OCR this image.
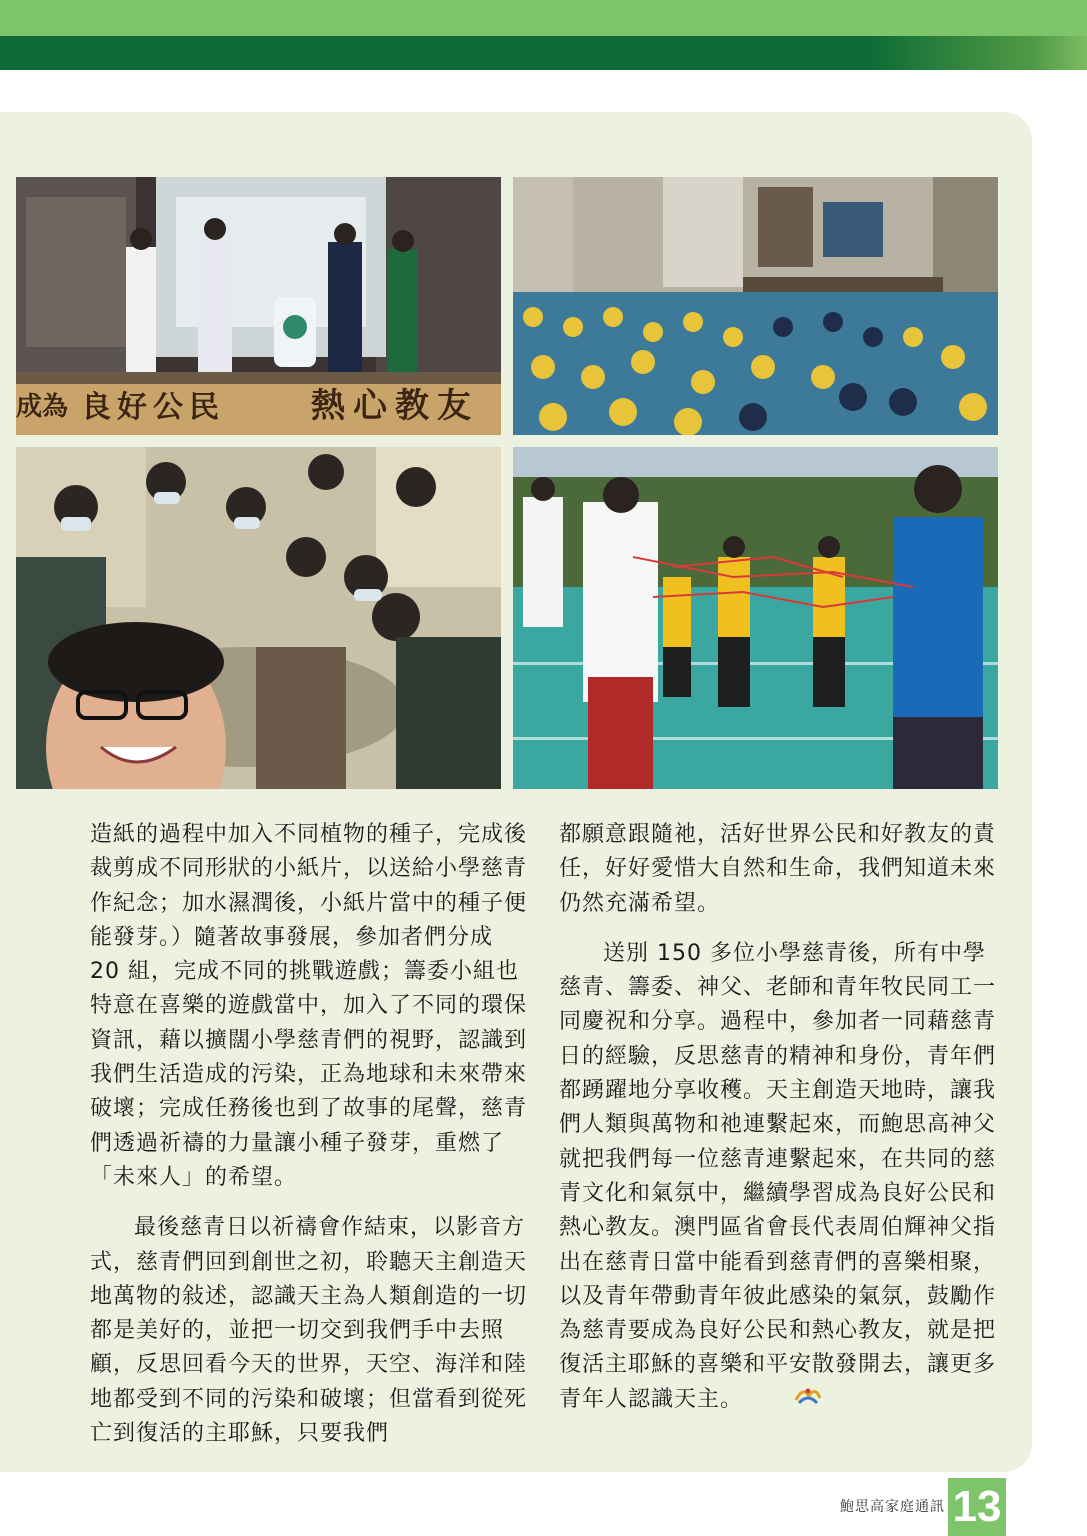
成為 良好公民	熱心教友

造紙的過程中加入不同植物的種子，完成後裁剪成不同形狀的小紙片，以送給小學慈青作紀念；加水濕潤後，小紙片當中的種子便能發芽。）隨著故事發展，參加者們分成 20 組，完成不同的挑戰遊戲；籌委小組也特意在喜樂的遊戲當中，加入了不同的環保資訊，藉以擴闊小學慈青們的視野，認識到我們生活造成的污染，正為地球和未來帶來破壞；完成任務後也到了故事的尾聲，慈青們透過祈禱的力量讓小種子發芽，重燃了「未來人」的希望。

最後慈青日以祈禱會作結束，以影音方式，慈青們回到創世之初，聆聽天主創造天地萬物的敍述，認識天主為人類創造的一切都是美好的，並把一切交到我們手中去照顧，反思回看今天的世界，天空、海洋和陸地都受到不同的污染和破壞；但當看到從死亡到復活的主耶穌，只要我們

都願意跟隨祂，活好世界公民和好教友的責任，好好愛惜大自然和生命，我們知道未來仍然充滿希望。

送別 150 多位小學慈青後，所有中學慈青、籌委、神父、老師和青年牧民同工一同慶祝和分享。過程中，參加者一同藉慈青日的經驗，反思慈青的精神和身份，青年們都踴躍地分享收穫。天主創造天地時，讓我們人類與萬物和祂連繫起來，而鮑思高神父就把我們每一位慈青連繫起來，在共同的慈青文化和氣氛中，繼續學習成為良好公民和熱心教友。澳門區省會長代表周伯輝神父指出在慈青日當中能看到慈青們的喜樂相聚，以及青年帶動青年彼此感染的氣氛，鼓勵作為慈青要成為良好公民和熱心教友，就是把復活主耶穌的喜樂和平安散發開去，讓更多青年人認識天主。

鮑思高家庭通訊 13
